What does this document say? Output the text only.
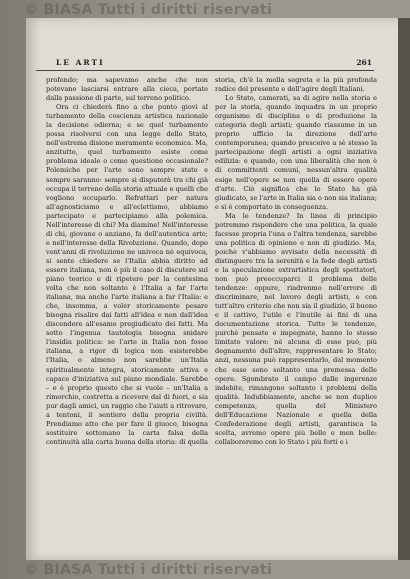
© BIASA Tutti i diritti riservati
LE ARTI	261

profondo; ma sapevamo anche che non potevano lasciarsi entrare alla cieca, portate dalla passione di parte, sul terreno politico.

Ora ci chiederà fino a che punto giovi al turbamento della coscienza artistica nazionale la decisione odierna; e se quel turbamento possa risolversi con una legge dello Stato, nell'estrema disione meramente economica. Ma, anzitutto, quel turbamento esiste come problema ideale o come questione occasionale? Polemiche per l'arte sono sempre state e sempre saranno: sempre si disputerà tra chi già occupa il terreno della storia attuale e quelli che vogliono occuparlo. Refrattari per natura all'agnosticismo e all'eclettismo, abbiamo partecipato e partecipiamo alla polemica. Nell'interesse di chi? Ma diamine! Nell'interesse di chi, giovane o anziano, fa dell'autentica arte; e nell'interesse della Rivoluzione. Quando, dopo vent'anni di rivoluzione ne univoca nè equivoca, si sente chiedere se l'Italia abbia diritto ad essere italiana, non è più il caso di discutere sul piano teorico e di ripetere per la centesima volta che non soltanto è l'Italia a far l'arte italiana, ma anche l'arte italiana a far l'Italia: e che, insomma, a voler storicamente pesare bisogna risalire dai fatti all'idea e non dall'idea discendere all'esame pregiudicato dei fatti. Ma sotto l'ingenua tautologia bisogna snidare l'insidia politica: se l'arte in Italia non fosse italiana, a rigor di logica non esisterebbe l'Italia, o almeno non sarebbe un'Italia spiritualmente integra, storicamente attiva e capace d'iniziativa sul piano mondiale. Sarebbe – e è proprio questo che si vuole – un'Italia a rimorchio, costretta a ricevere dal di fuori, e sia pur dagli amici, un raggio che l'aiuti a ritrovare, a tentoni, il sentiero della propria civiltà. Prendiamo atto che per fare il giuoco, bisogna sostituire sottomano la carta falsa della continuità alla carta buona della storia: di quella

storia, ch'è la molla segreta e la più profonda radice del presente e dell'agire degli Italiani.

Lo Stato, camerati, sa di agire nella storia e per la storia, quando inquadra in un proprio organismo di disciplina e di produzione la categoria degli artisti; quando riassume in un proprio ufficio la direzione dell'arte contemporanea; quando presceive a sè stesso la partecipazione degli artisti a ogni iniziativa edilizia: e quando, con una liberalità che non è di committenti comuni, nessun'altra qualità esige nell'opere se non quella di essere opere d'arte. Ciò significa che lo Stato ha già giudicato, se l'arte in Italia sia o non sia italiana; e si è comportato in conseguenza.

Ma le tendenze? In linea di principio potremmo rispondere che una politica, la quale facesse propria l'una o l'altra tendenza, sarebbe una politica di opinione e non di giudizio. Ma, poichè v'abbiamo avvisato della necessità di distinguere tra la serenità e la fede degli artisti e la speculazione extrartistica degli spettatori, non può preoccuparci il problema delle tendenze: oppure, riadrenmo nell'errore di discriminare, nel lavoro degli artisti, e con tutt'altro criterio che non sia il giudizio, il buono e il cattivo, l'utile e l'inutile ai fini di una documentazione storica. Tutte le tendenze, purchè pensate e impegnate, hanno lo stesso limitato valore: nè alcuna di esse può, più degnamente dell'altre, rappresentare lo Stato; anzi, nessuna può rappresentarlo, dal momento che esse sono soltanto una premessa delle opere. Sgombrato il campo dalle ingerenze indebite, rimangono soltanto i problemi della qualità. Indubbiamente, anche se non duplice competenza, quella del Ministero dell'Educazione Nazionale e quella della Confederazione degli artisti, garantisca la scelta, avremo opere più belle e men belle: collaboreremo con lo Stato i più forti e i

© BIASA Tutti i diritti riservati
